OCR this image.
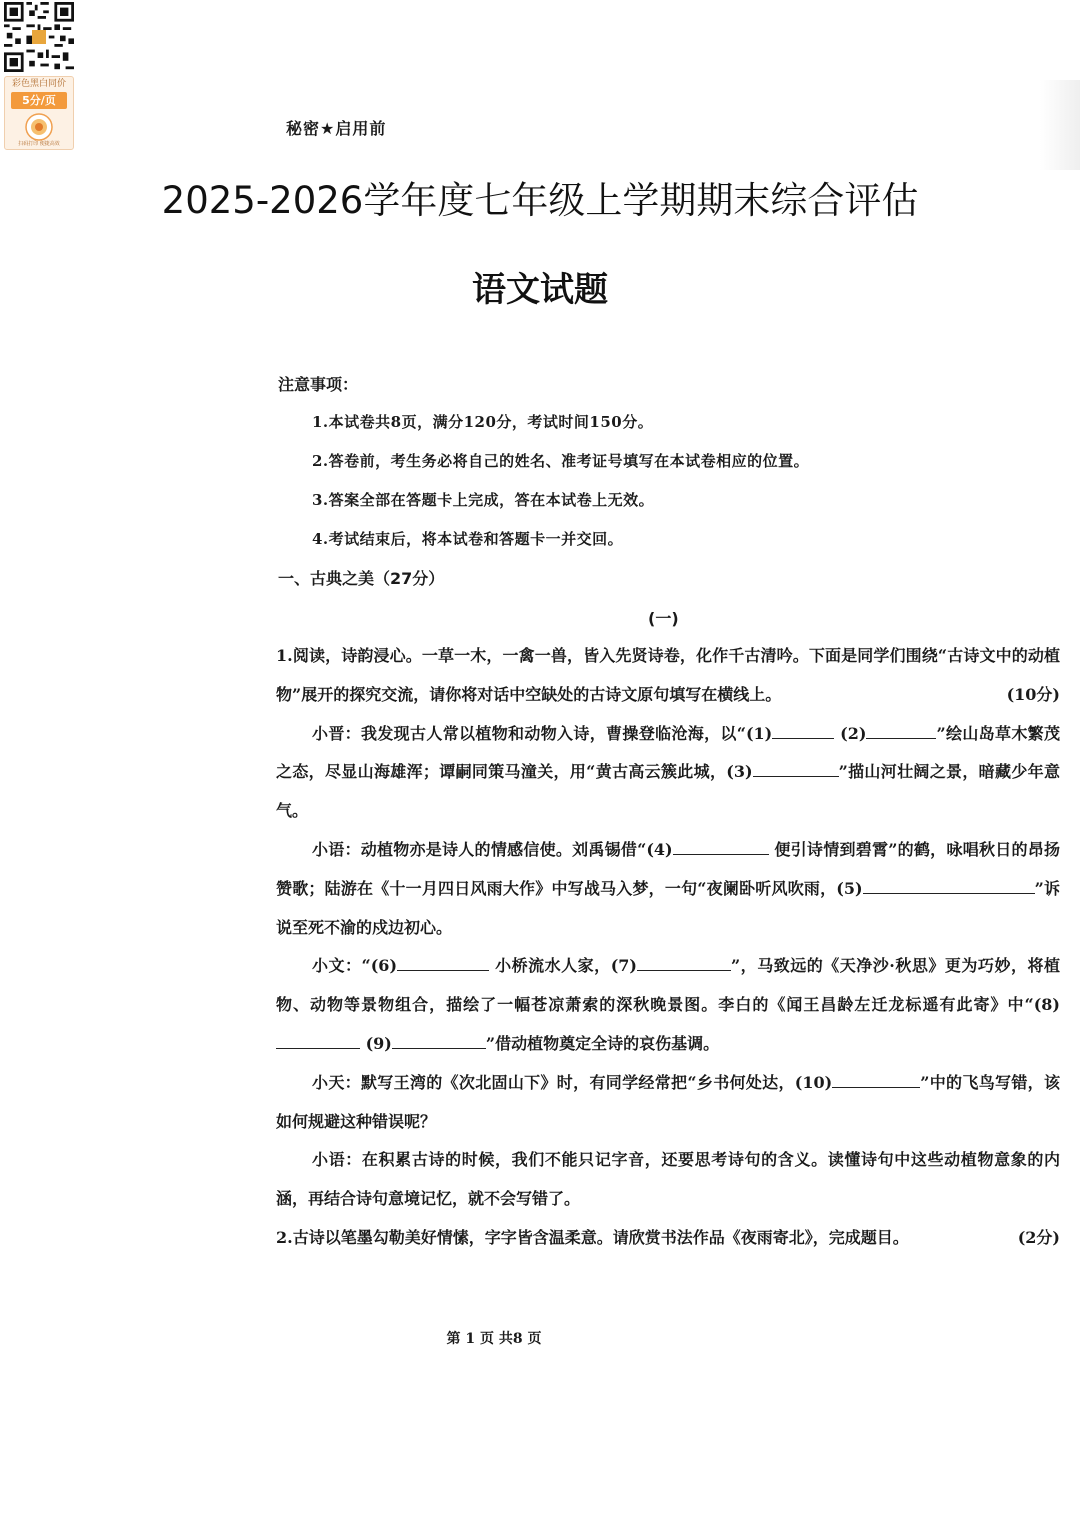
彩色黑白同价
5分/页
扫码打印 便捷高效
秘密★启用前
2025-2026学年度七年级上学期期末综合评估
语文试题
注意事项：
1.本试卷共8页，满分120分，考试时间150分。
2.答卷前，考生务必将自己的姓名、准考证号填写在本试卷相应的位置。
3.答案全部在答题卡上完成，答在本试卷上无效。
4.考试结束后，将本试卷和答题卡一并交回。
一、古典之美（27分）
(一)

1.阅读，诗韵浸心。一草一木，一禽一兽，皆入先贤诗卷，化作千古清吟。下面是同学们围绕“古诗文中的动植物”展开的探究交流，请你将对话中空缺处的古诗文原句填写在横线上。	(10分)

小晋：我发现古人常以植物和动物入诗，曹操登临沧海，以“(1)	(2)	”绘山岛草木繁茂之态，尽显山海雄浑；谭嗣同策马潼关，用“黄古高云簇此城，(3)	”描山河壮阔之景，暗藏少年意气。

小语：动植物亦是诗人的情感信使。刘禹锡借“(4)	便引诗情到碧霄”的鹤，咏唱秋日的昂扬赞歌；陆游在《十一月四日风雨大作》中写战马入梦，一句“夜阑卧听风吹雨，(5)	”诉说至死不渝的戍边初心。

小文：“(6)	小桥流水人家，(7)	”，马致远的《天净沙·秋思》更为巧妙，将植物、动物等景物组合，描绘了一幅苍凉萧索的深秋晚景图。李白的《闻王昌龄左迁龙标遥有此寄》中“(8) (9)	”借动植物奠定全诗的哀伤基调。

小天：默写王湾的《次北固山下》时，有同学经常把“乡书何处达，(10)	”中的飞鸟写错，该如何规避这种错误呢？

小语：在积累古诗的时候，我们不能只记字音，还要思考诗句的含义。读懂诗句中这些动植物意象的内涵，再结合诗句意境记忆，就不会写错了。

2.古诗以笔墨勾勒美好情愫，字字皆含温柔意。请欣赏书法作品《夜雨寄北》，完成题目。	(2分)

第 1 页 共8 页
